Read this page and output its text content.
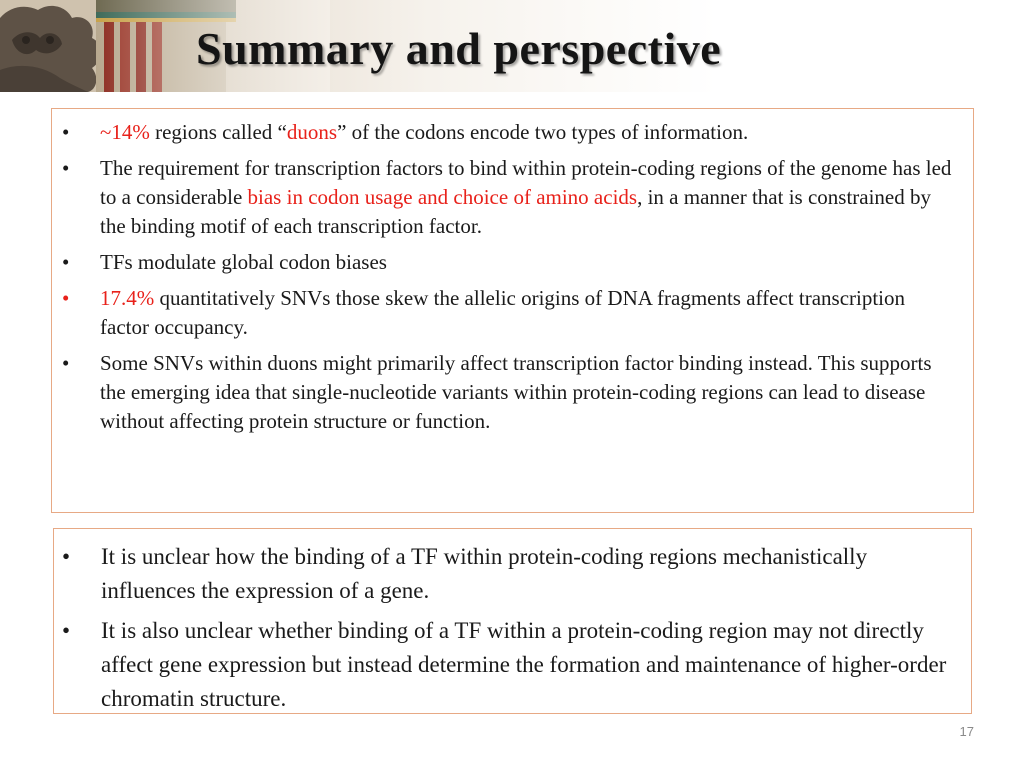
Summary and perspective
• ~14% regions called “duons” of the codons encode two types of information.
• The requirement for transcription factors to bind within protein-coding regions of the genome has led to a considerable bias in codon usage and choice of amino acids, in a manner that is constrained by the binding motif of each transcription factor.
• TFs modulate global codon biases
• 17.4% quantitatively SNVs those skew the allelic origins of DNA fragments affect transcription factor occupancy.
• Some SNVs within duons might primarily affect transcription factor binding instead. This supports the emerging idea that single-nucleotide variants within protein-coding regions can lead to disease without affecting protein structure or function.
• It is unclear how the binding of a TF within protein-coding regions mechanistically influences the expression of a gene.
• It is also unclear whether binding of a TF within a protein-coding region may not directly affect gene expression but instead determine the formation and maintenance of higher-order chromatin structure.
17
